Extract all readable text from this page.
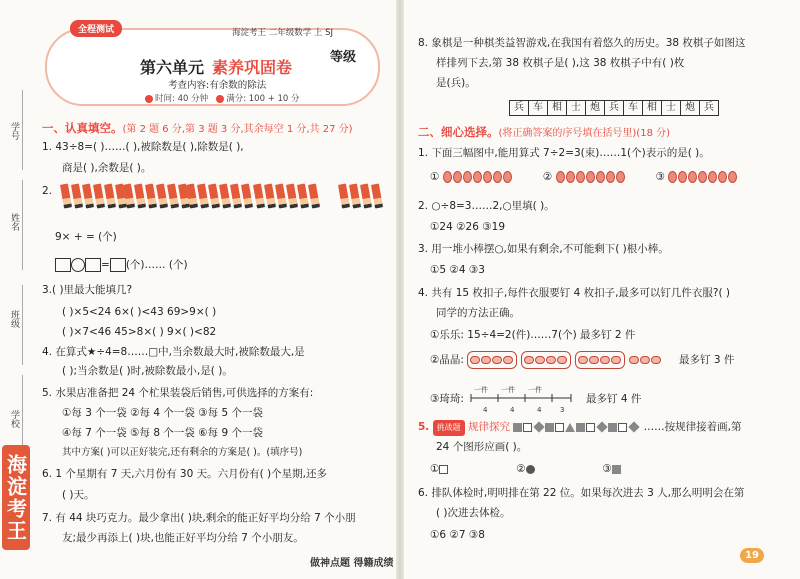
学号
姓名
班级
学校
海淀考王
全程测试	海淀考王 二年级数学 上 SJ
第六单元 素养巩固卷
等级
考查内容:有余数的除法
时间: 40 分钟 满分: 100 + 10 分
一、认真填空。(第 2 题 6 分,第 3 题 3 分,其余每空 1 分,共 27 分)
1. 43÷8=( )……( ),被除数是( ),除数是( ),
商是( ),余数是( )。
2.
9× + = (个)
= (个)…… (个)
3.( )里最大能填几?
( )×5<24 6×( )<43 69>9×( )
( )×7<46 45>8×( ) 9×( )<82
4. 在算式★÷4=8……□中,当余数最大时,被除数最大,是
( );当余数是( )时,被除数最小,是( )。
5. 水果店准备把 24 个杧果装袋后销售,可供选择的方案有:
①每 3 个一袋 ②每 4 个一袋 ③每 5 个一袋
④每 7 个一袋 ⑤每 8 个一袋 ⑥每 9 个一袋
其中方案( )可以正好装完,还有剩余的方案是( )。(填序号)
6. 1 个星期有 7 天,六月份有 30 天。六月份有( )个星期,还多
( )天。
7. 有 44 块巧克力。最少拿出( )块,剩余的能正好平均分给 7 个小朋
友;最少再添上( )块,也能正好平均分给 7 个小朋友。
8. 象棋是一种棋类益智游戏,在我国有着悠久的历史。38 枚棋子如图这
样排列下去,第 38 枚棋子是( ),这 38 枚棋子中有( )枚
是(兵)。
兵 车 相 士 炮 兵 车 相 士 炮 兵
二、细心选择。(将正确答案的序号填在括号里)(18 分)
1. 下面三幅图中,能用算式 7÷2=3(束)……1(个)表示的是( )。
①	②	③
2. ○÷8=3……2,○里填( )。
①24 ②26 ③19
3. 用一堆小棒摆○,如果有剩余,不可能剩下( )根小棒。
①5 ②4 ③3
4. 共有 15 枚扣子,每件衣服要钉 4 枚扣子,最多可以钉几件衣服?( )
同学的方法正确。
①乐乐: 15÷4=2(件)……7(个) 最多钉 2 件
②晶晶:	最多钉 3 件
③琦琦:
一件 一件 一件
4	4	4	3
最多钉 4 件
5. 挑战题 规律探究	……按规律接着画,第
24 个图形应画( )。
①	②	③
6. 排队体检时,明明排在第 22 位。如果每次进去 3 人,那么明明会在第
( )次进去体检。
①6 ②7 ③8
做神点题 得籍成绩
19
